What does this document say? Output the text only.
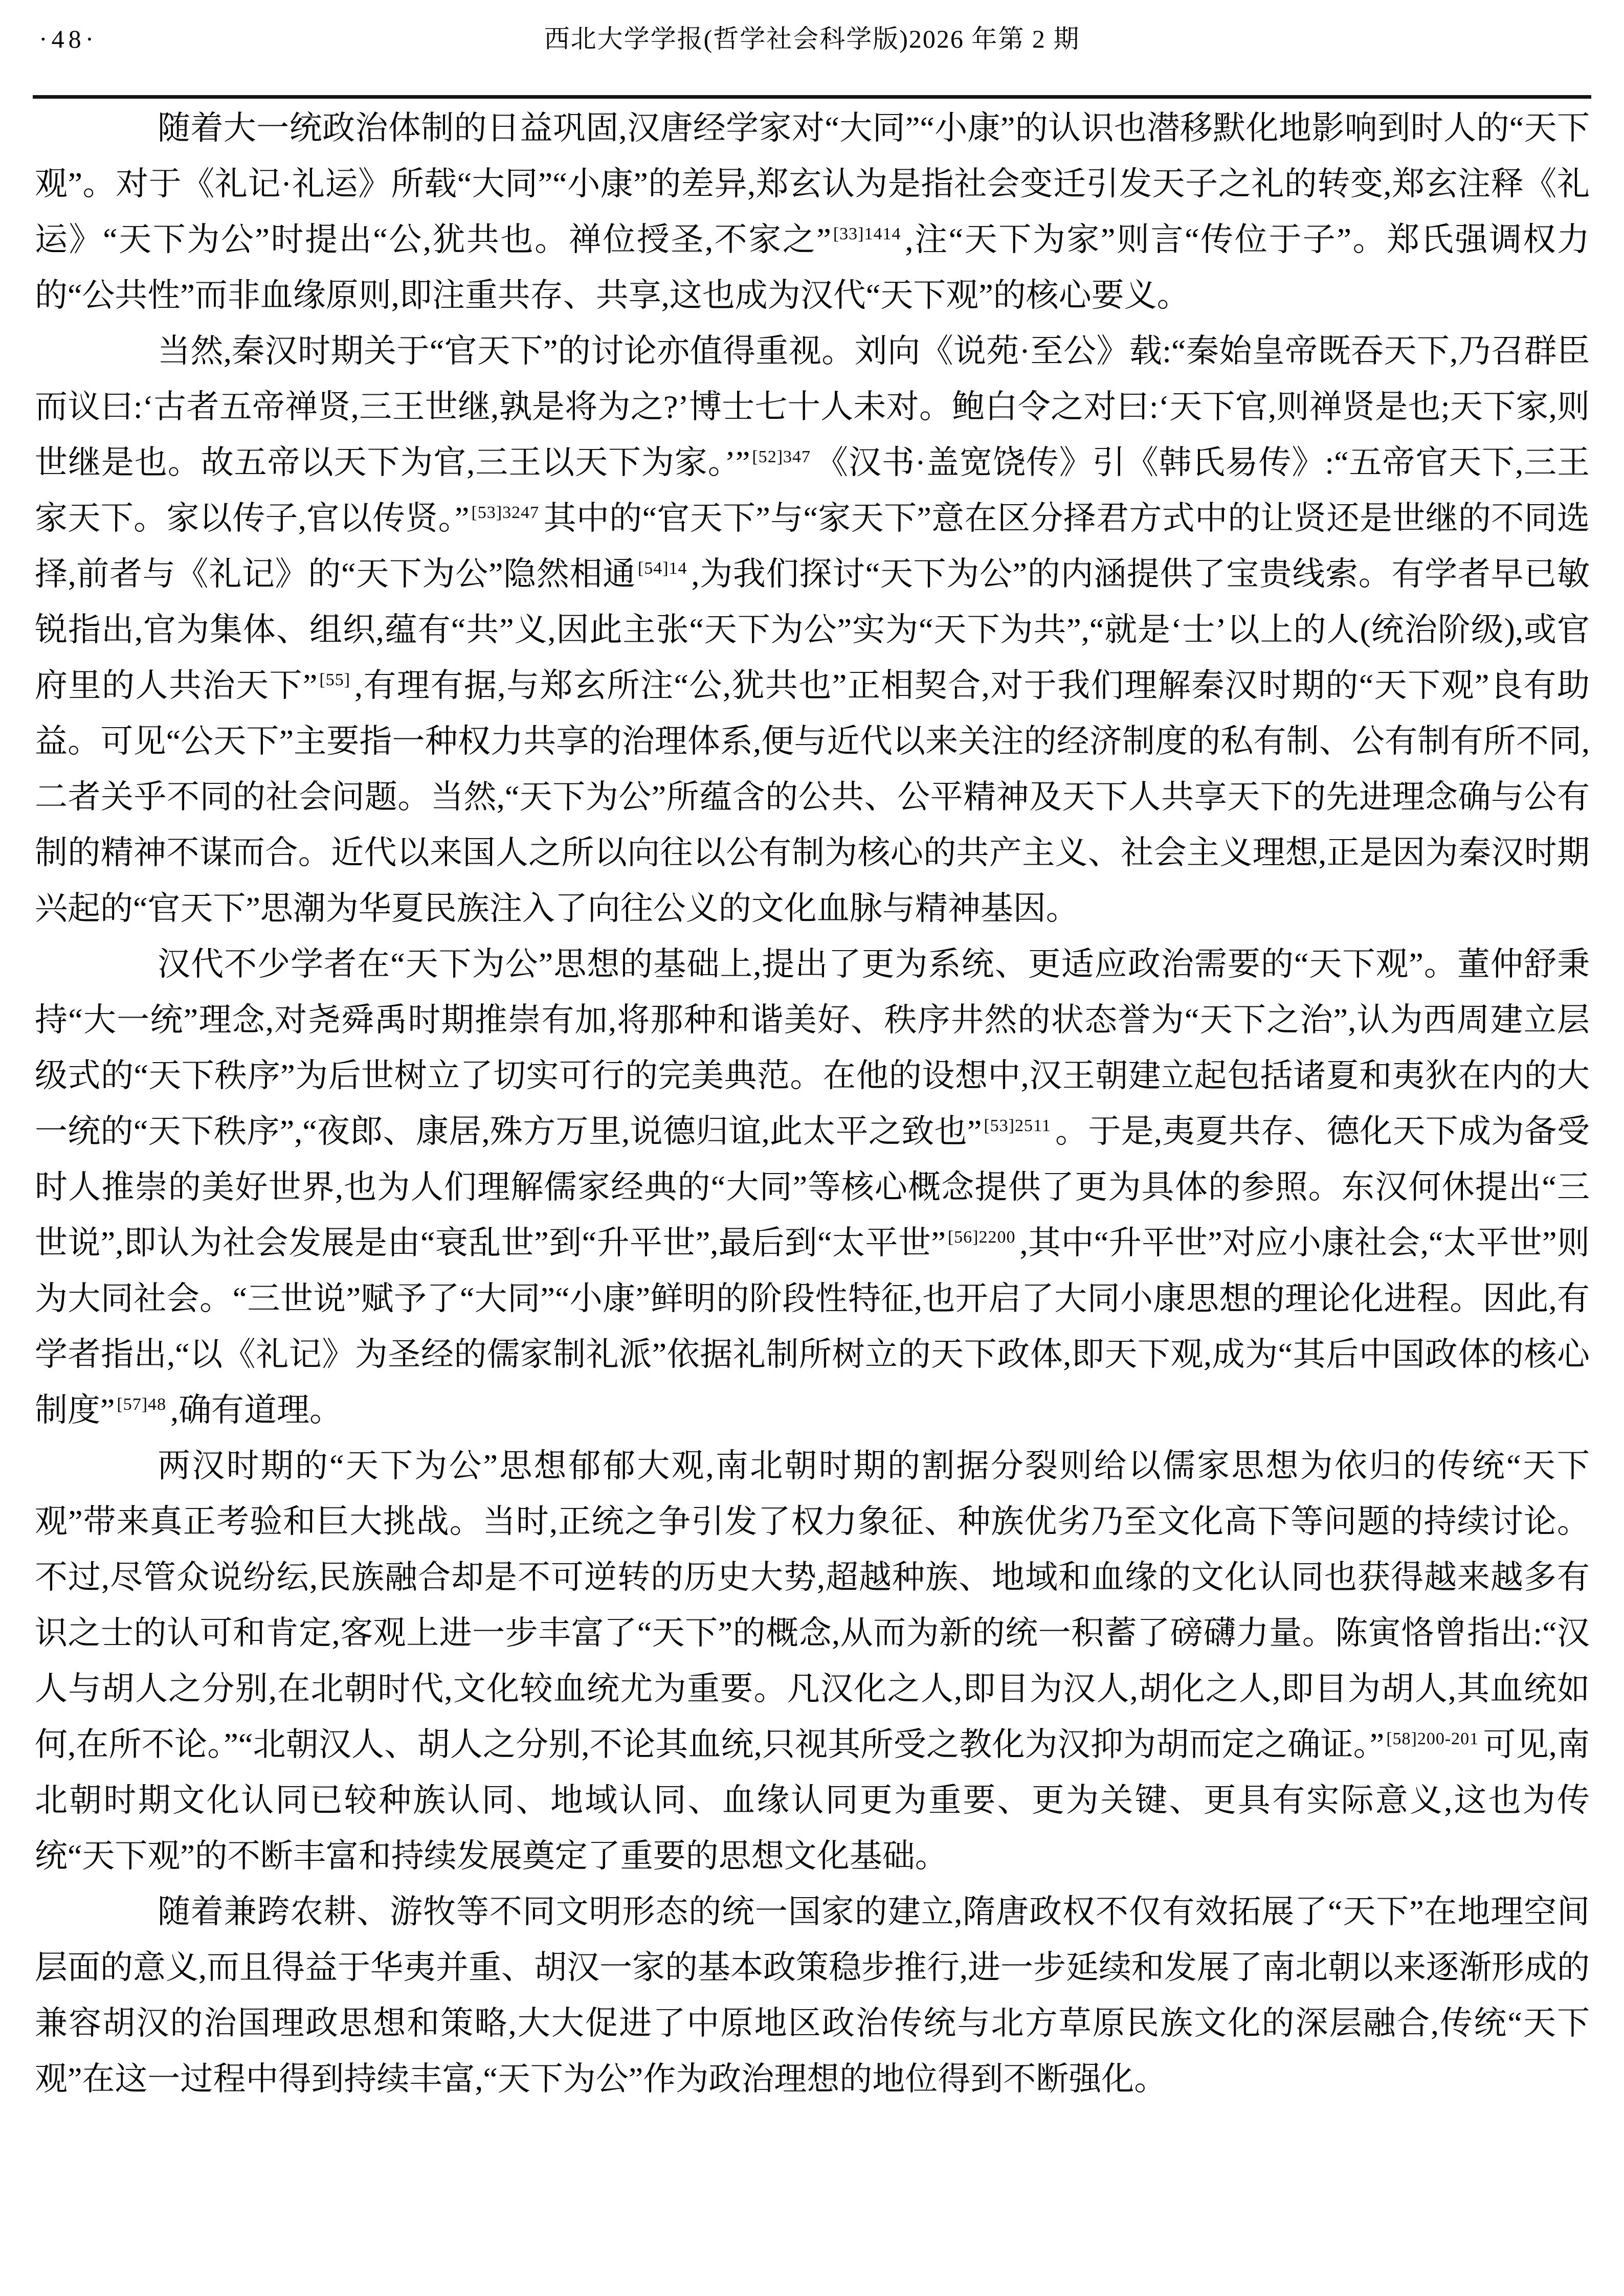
·48·	西北大学学报(哲学社会科学版)2026 年第 2 期

随着大一统政治体制的日益巩固,汉唐经学家对“大同”“小康”的认识也潜移默化地影响到时人的“天下观”。对于《礼记·礼运》所载“大同”“小康”的差异,郑玄认为是指社会变迁引发天子之礼的转变,郑玄注释《礼运》“天下为公”时提出“公,犹共也。禅位授圣,不家之” $^{[33]1414}$ ,注“天下为家”则言“传位于子”。郑氏强调权力的“公共性”而非血缘原则,即注重共存、共享,这也成为汉代“天下观”的核心要义。

当然,秦汉时期关于“官天下”的讨论亦值得重视。刘向《说苑·至公》载:“秦始皇帝既吞天下,乃召群臣而议曰:‘古者五帝禅贤,三王世继,孰是将为之?’博士七十人未对。鲍白令之对曰:‘天下官,则禅贤是也;天下家,则世继是也。故五帝以天下为官,三王以天下为家。’” $^{[52]347}$ 《汉书·盖宽饶传》引《韩氏易传》:“五帝官天下,三王家天下。家以传子,官以传贤。” $^{[53]3247}$ 其中的“官天下”与“家天下”意在区分择君方式中的让贤还是世继的不同选择,前者与《礼记》的“天下为公”隐然相通 $^{[54]14}$ ,为我们探讨“天下为公”的内涵提供了宝贵线索。有学者早已敏锐指出,官为集体、组织,蕴有“共”义,因此主张“天下为公”实为“天下为共”,“就是‘士’以上的人(统治阶级),或官府里的人共治天下” [55] ,有理有据,与郑玄所注“公,犹共也”正相契合,对于我们理解秦汉时期的“天下观”良有助益。可见“公天下”主要指一种权力共享的治理体系,便与近代以来关注的经济制度的私有制、公有制有所不同,二者关乎不同的社会问题。当然,“天下为公”所蕴含的公共、公平精神及天下人共享天下的先进理念确与公有制的精神不谋而合。近代以来国人之所以向往以公有制为核心的共产主义、社会主义理想,正是因为秦汉时期兴起的“官天下”思潮为华夏民族注入了向往公义的文化血脉与精神基因。

汉代不少学者在“天下为公”思想的基础上,提出了更为系统、更适应政治需要的“天下观”。董仲舒秉持“大一统”理念,对尧舜禹时期推崇有加,将那种和谐美好、秩序井然的状态誉为“天下之治”,认为西周建立层级式的“天下秩序”为后世树立了切实可行的完美典范。在他的设想中,汉王朝建立起包括诸夏和夷狄在内的大一统的“天下秩序”,“夜郎、康居,殊方万里,说德归谊,此太平之致也” $^{[53]2511}$ 。于是,夷夏共存、德化天下成为备受时人推崇的美好世界,也为人们理解儒家经典的“大同”等核心概念提供了更为具体的参照。东汉何休提出“三世说”,即认为社会发展是由“衰乱世”到“升平世”,最后到“太平世” $^{[56]2200}$ ,其中“升平世”对应小康社会,“太平世”则为大同社会。“三世说”赋予了“大同”“小康”鲜明的阶段性特征,也开启了大同小康思想的理论化进程。因此,有学者指出,“以《礼记》为圣经的儒家制礼派”依据礼制所树立的天下政体,即天下观,成为“其后中国政体的核心制度” $^{[57]48}$ ,确有道理。

两汉时期的“天下为公”思想郁郁大观,南北朝时期的割据分裂则给以儒家思想为依归的传统“天下观”带来真正考验和巨大挑战。当时,正统之争引发了权力象征、种族优劣乃至文化高下等问题的持续讨论。不过,尽管众说纷纭,民族融合却是不可逆转的历史大势,超越种族、地域和血缘的文化认同也获得越来越多有识之士的认可和肯定,客观上进一步丰富了“天下”的概念,从而为新的统一积蓄了磅礴力量。陈寅恪曾指出:“汉人与胡人之分别,在北朝时代,文化较血统尤为重要。凡汉化之人,即目为汉人,胡化之人,即目为胡人,其血统如何,在所不论。”“北朝汉人、胡人之分别,不论其血统,只视其所受之教化为汉抑为胡而定之确证。” $^{[58]200-201}$ 可见,南北朝时期文化认同已较种族认同、地域认同、血缘认同更为重要、更为关键、更具有实际意义,这也为传统“天下观”的不断丰富和持续发展奠定了重要的思想文化基础。

随着兼跨农耕、游牧等不同文明形态的统一国家的建立,隋唐政权不仅有效拓展了“天下”在地理空间层面的意义,而且得益于华夷并重、胡汉一家的基本政策稳步推行,进一步延续和发展了南北朝以来逐渐形成的兼容胡汉的治国理政思想和策略,大大促进了中原地区政治传统与北方草原民族文化的深层融合,传统“天下观”在这一过程中得到持续丰富,“天下为公”作为政治理想的地位得到不断强化。
